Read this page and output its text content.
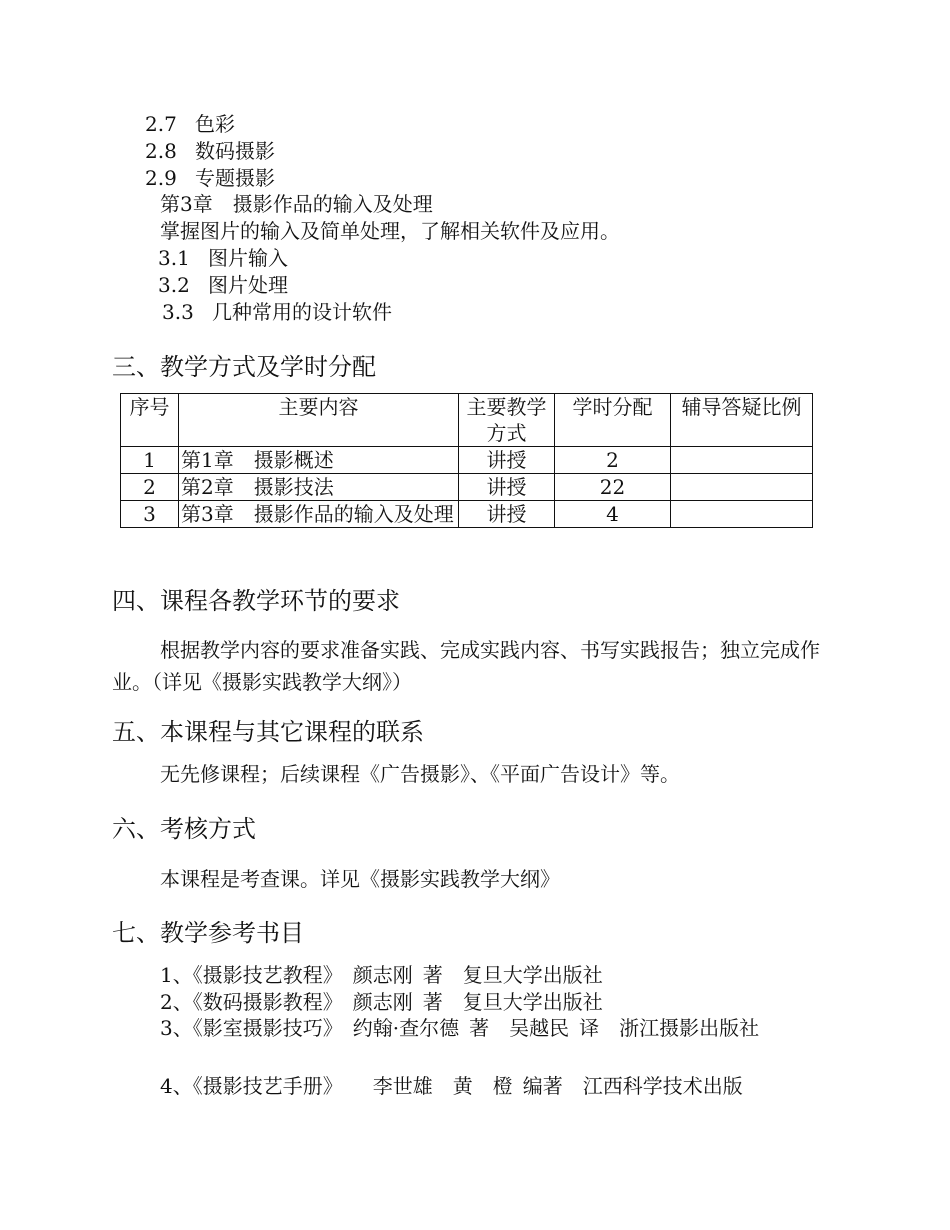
2.7 色彩
2.8 数码摄影
2.9 专题摄影
第3章　摄影作品的输入及处理
掌握图片的输入及简单处理，了解相关软件及应用。
3.1 图片输入
3.2 图片处理
3.3 几种常用的设计软件
三、教学方式及学时分配
序号	主要内容	主要教学方式	学时分配	辅导答疑比例
1	第1章　摄影概述	讲授	2	
2	第2章　摄影技法	讲授	22	
3	第3章　摄影作品的输入及处理	讲授	4	
四、课程各教学环节的要求
根据教学内容的要求准备实践、完成实践内容、书写实践报告；独立完成作业。（详见《摄影实践教学大纲》）
五、本课程与其它课程的联系
无先修课程；后续课程《广告摄影》、《平面广告设计》等。
六、考核方式
本课程是考查课。详见《摄影实践教学大纲》
七、教学参考书目
1、《摄影技艺教程》　颜志刚 著　复旦大学出版社
2、《数码摄影教程》　颜志刚 著　复旦大学出版社
3、《影室摄影技巧》　约翰·查尔德 著　吴越民 译　浙江摄影出版社
4、《摄影技艺手册》　　李世雄　黄　橙 编著　江西科学技术出版
